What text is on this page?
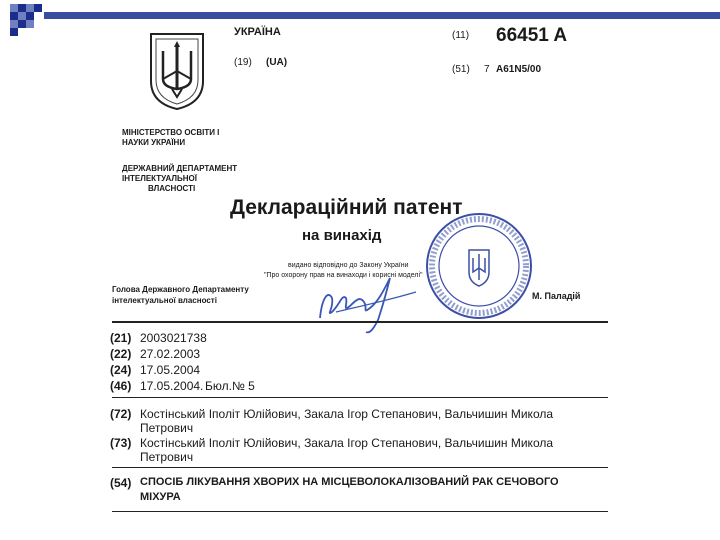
УКРАЇНА
(19) (UA)
(11) 66451 A
(51) 7 A61N5/00
МІНІСТЕРСТВО ОСВІТИ І
НАУКИ УКРАЇНИ
ДЕРЖАВНИЙ ДЕПАРТАМЕНТ
ІНТЕЛЕКТУАЛЬНОЇ
ВЛАСНОСТІ
Деклараційний патент
на винахід
видано відповідно до Закону України
"Про охорону прав на винаходи і корисні моделі"
Голова Державного Департаменту
інтелектуальної власності	М. Паладій
(21) 2003021738
(22) 27.02.2003
(24) 17.05.2004
(46) 17.05.2004. Бюл.№ 5
(72) Костінський Іполіт Юлійович, Закала Ігор Степанович, Вальчишин Микола
Петрович
(73) Костінський Іполіт Юлійович, Закала Ігор Степанович, Вальчишин Микола
Петрович
(54) СПОСІБ ЛІКУВАННЯ ХВОРИХ НА МІСЦЕВОЛОКАЛІЗОВАНИЙ РАК СЕЧОВОГО
МІХУРА
